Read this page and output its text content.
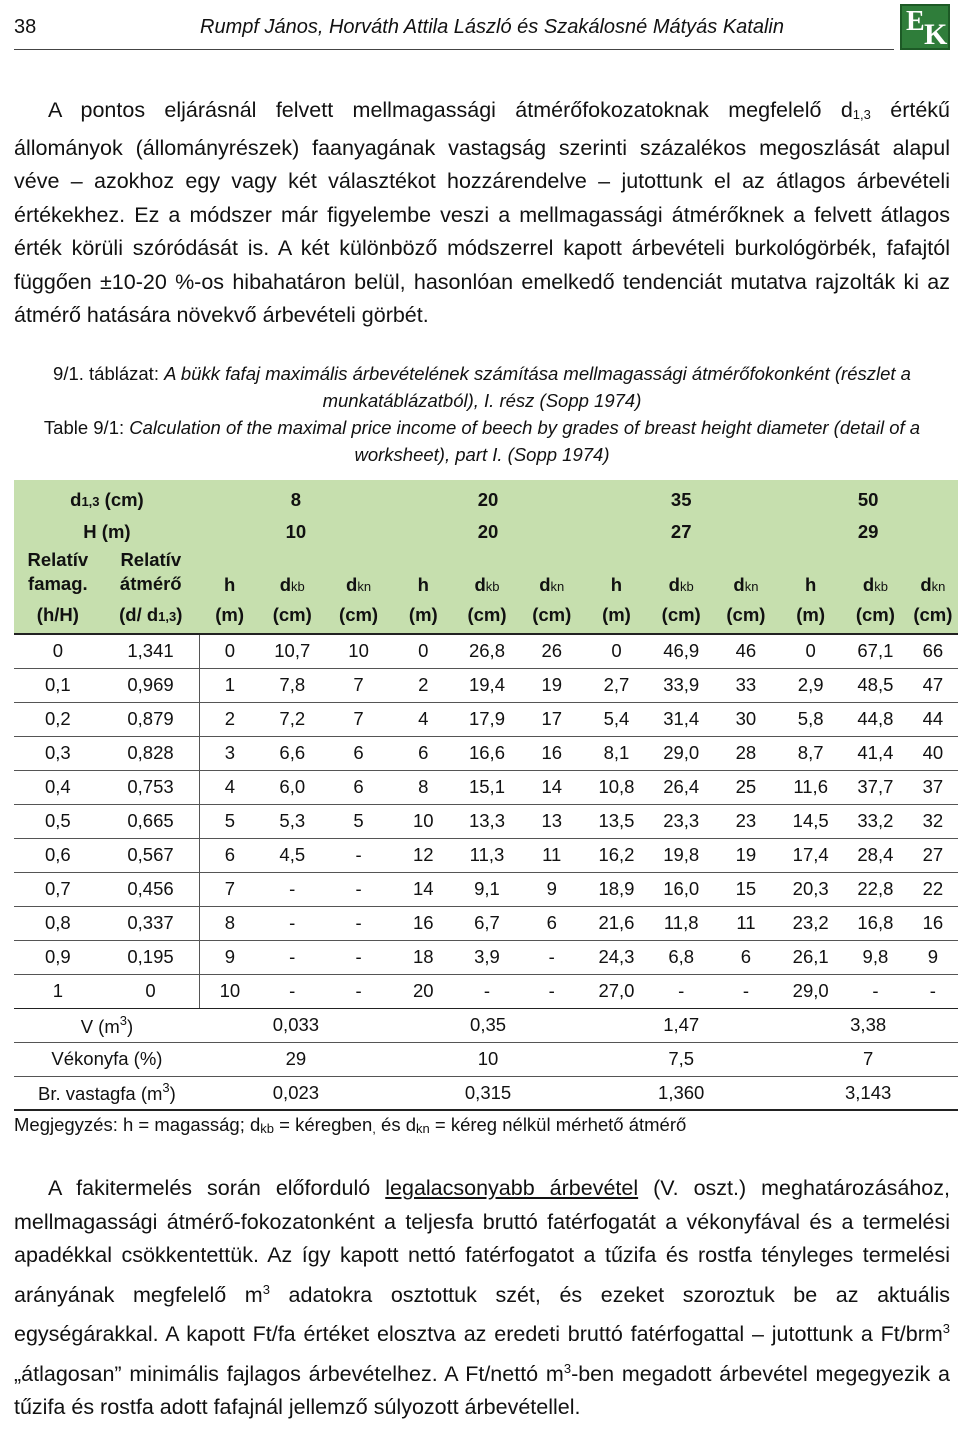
38	Rumpf János, Horváth Attila László és Szakálosné Mátyás Katalin	E K

A pontos eljárásnál felvett mellmagassági átmérőfokozatoknak megfelelő $d_{1,3}$ értékű állományok (állományrészek) faanyagának vastagság szerinti százalékos megoszlását alapul véve – azokhoz egy vagy két választékot hozzárendelve – jutottunk el az átlagos árbevételi értékekhez. Ez a módszer már figyelembe veszi a mellmagassági átmérőknek a felvett átlagos érték körüli szóródását is. A két különböző módszerrel kapott árbevételi burkológörbék, fafajtól függően ±10-20 %-os hibahatáron belül, hasonlóan emelkedő tendenciát mutatva rajzolták ki az átmérő hatására növekvő árbevételi görbét.

9/1. táblázat: A bükk fafaj maximális árbevételének számítása mellmagassági átmérőfokonként (részlet a munkatáblázatból), I. rész (Sopp 1974)

Table 9/1: Calculation of the maximal price income of beech by grades of breast height diameter (detail of a worksheet), part I. (Sopp 1974)

d1,3 (cm)		8			20			35			50		
H (m)		10			20			27			29		
Relatív
famag.	Relatív
átmérő	h	dkb	dkn	h	dkb	dkn	h	dkb	dkn	h	dkb	dkn
(h/H)	(d/ d1,3)	(m)	(cm)	(cm)	(m)	(cm)	(cm)	(m)	(cm)	(cm)	(m)	(cm)	(cm)
0	1,341	0	10,7	10	0	26,8	26	0	46,9	46	0	67,1	66
0,1	0,969	1	7,8	7	2	19,4	19	2,7	33,9	33	2,9	48,5	47
0,2	0,879	2	7,2	7	4	17,9	17	5,4	31,4	30	5,8	44,8	44
0,3	0,828	3	6,6	6	6	16,6	16	8,1	29,0	28	8,7	41,4	40
0,4	0,753	4	6,0	6	8	15,1	14	10,8	26,4	25	11,6	37,7	37
0,5	0,665	5	5,3	5	10	13,3	13	13,5	23,3	23	14,5	33,2	32
0,6	0,567	6	4,5	-	12	11,3	11	16,2	19,8	19	17,4	28,4	27
0,7	0,456	7	-	-	14	9,1	9	18,9	16,0	15	20,3	22,8	22
0,8	0,337	8	-	-	16	6,7	6	21,6	11,8	11	23,2	16,8	16
0,9	0,195	9	-	-	18	3,9	-	24,3	6,8	6	26,1	9,8	9
1	0	10	-	-	20	-	-	27,0	-	-	29,0	-	-
V $(m^3)$		0,033			0,35			1,47			3,38		
Vékonyfa (%)		29			10			7,5			7		
Br. vastagfa $(m^3)$		0,023			0,315			1,360			3,143		

Megjegyzés: h = magasság; $d_{kb}$ = kéregben$_,$ és $d_{kn}$ = kéreg nélkül mérhető átmérő

A fakitermelés során előforduló legalacsonyabb árbevétel (V. oszt.) meghatározásához, mellmagassági átmérő-fokozatonként a teljesfa bruttó fatérfogatát a vékonyfával és a termelési apadékkal csökkentettük. Az így kapott nettó fatérfogatot a tűzifa és rostfa tényleges termelési arányának megfelelő $m^3$ adatokra osztottuk szét, és ezeket szoroztuk be az aktuális egységárakkal. A kapott Ft/fa értéket elosztva az eredeti bruttó fatérfogattal – jutottunk a Ft/brm$^3$ „átlagosan” minimális fajlagos árbevételhez. A Ft/nettó $m^3$-ben megadott árbevétel megegyezik a tűzifa és rostfa adott fafajnál jellemző súlyozott árbevétellel.
